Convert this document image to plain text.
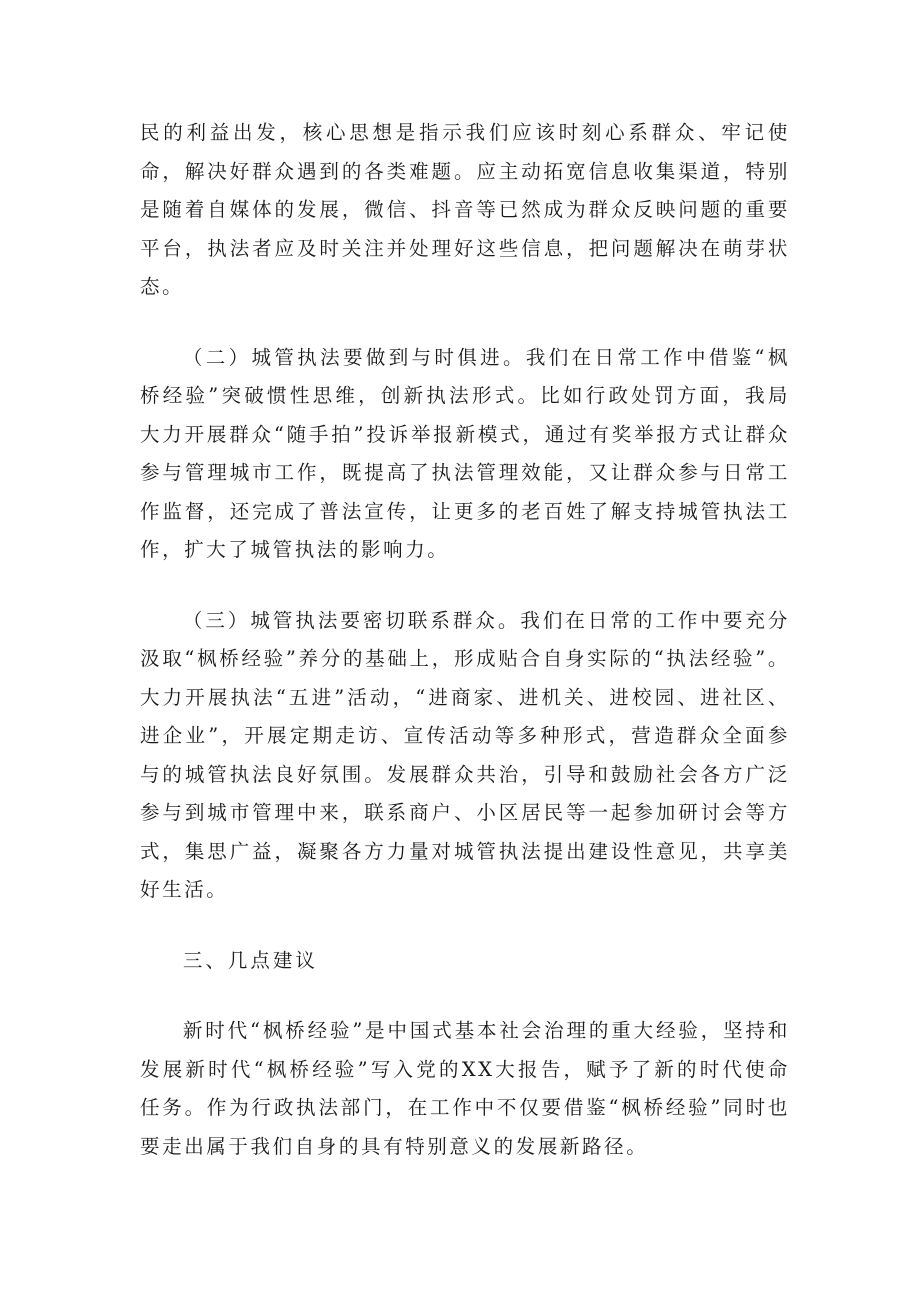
民的利益出发，核心思想是指示我们应该时刻心系群众、牢记使命，解决好群众遇到的各类难题。应主动拓宽信息收集渠道，特别是随着自媒体的发展，微信、抖音等已然成为群众反映问题的重要平台，执法者应及时关注并处理好这些信息，把问题解决在萌芽状态。

（二）城管执法要做到与时俱进。我们在日常工作中借鉴“枫桥经验”突破惯性思维，创新执法形式。比如行政处罚方面，我局大力开展群众“随手拍”投诉举报新模式，通过有奖举报方式让群众参与管理城市工作，既提高了执法管理效能，又让群众参与日常工作监督，还完成了普法宣传，让更多的老百姓了解支持城管执法工作，扩大了城管执法的影响力。

（三）城管执法要密切联系群众。我们在日常的工作中要充分汲取“枫桥经验”养分的基础上，形成贴合自身实际的“执法经验”。大力开展执法“五进”活动，“进商家、进机关、进校园、进社区、进企业”，开展定期走访、宣传活动等多种形式，营造群众全面参与的城管执法良好氛围。发展群众共治，引导和鼓励社会各方广泛参与到城市管理中来，联系商户、小区居民等一起参加研讨会等方式，集思广益，凝聚各方力量对城管执法提出建设性意见，共享美好生活。

三、几点建议

新时代“枫桥经验”是中国式基本社会治理的重大经验，坚持和发展新时代“枫桥经验”写入党的XX大报告，赋予了新的时代使命任务。作为行政执法部门，在工作中不仅要借鉴“枫桥经验”同时也要走出属于我们自身的具有特别意义的发展新路径。
